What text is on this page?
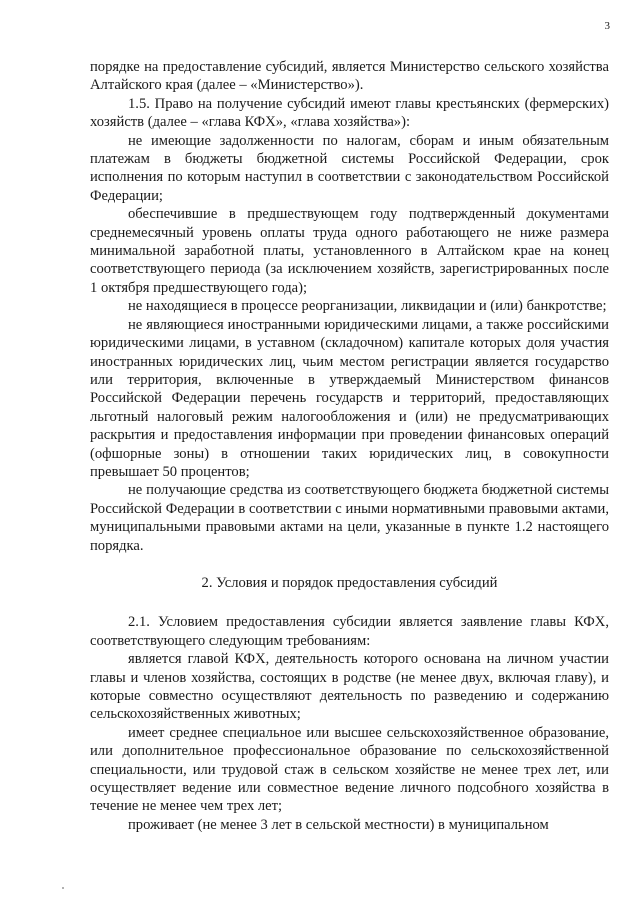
3

порядке на предоставление субсидий, является Министерство сельского хозяйства Алтайского края (далее – «Министерство»).

1.5. Право на получение субсидий имеют главы крестьянских (фермерских) хозяйств (далее – «глава КФХ», «глава хозяйства»):

не имеющие задолженности по налогам, сборам и иным обязательным платежам в бюджеты бюджетной системы Российской Федерации, срок исполнения по которым наступил в соответствии с законодательством Российской Федерации;

обеспечившие в предшествующем году подтвержденный документами среднемесячный уровень оплаты труда одного работающего не ниже размера минимальной заработной платы, установленного в Алтайском крае на конец соответствующего периода (за исключением хозяйств, зарегистрированных после 1 октября предшествующего года);

не находящиеся в процессе реорганизации, ликвидации и (или) банкротстве;

не являющиеся иностранными юридическими лицами, а также российскими юридическими лицами, в уставном (складочном) капитале которых доля участия иностранных юридических лиц, чьим местом регистрации является государство или территория, включенные в утверждаемый Министерством финансов Российской Федерации перечень государств и территорий, предоставляющих льготный налоговый режим налогообложения и (или) не предусматривающих раскрытия и предоставления информации при проведении финансовых операций (офшорные зоны) в отношении таких юридических лиц, в совокупности превышает 50 процентов;

не получающие средства из соответствующего бюджета бюджетной системы Российской Федерации в соответствии с иными нормативными правовыми актами, муниципальными правовыми актами на цели, указанные в пункте 1.2 настоящего порядка.

2. Условия и порядок предоставления субсидий

2.1. Условием предоставления субсидии является заявление главы КФХ, соответствующего следующим требованиям:

является главой КФХ, деятельность которого основана на личном участии главы и членов хозяйства, состоящих в родстве (не менее двух, включая главу), и которые совместно осуществляют деятельность по разведению и содержанию сельскохозяйственных животных;

имеет среднее специальное или высшее сельскохозяйственное образование, или дополнительное профессиональное образование по сельскохозяйственной специальности, или трудовой стаж в сельском хозяйстве не менее трех лет, или осуществляет ведение или совместное ведение личного подсобного хозяйства в течение не менее чем трех лет;

проживает (не менее 3 лет в сельской местности) в муниципальном
